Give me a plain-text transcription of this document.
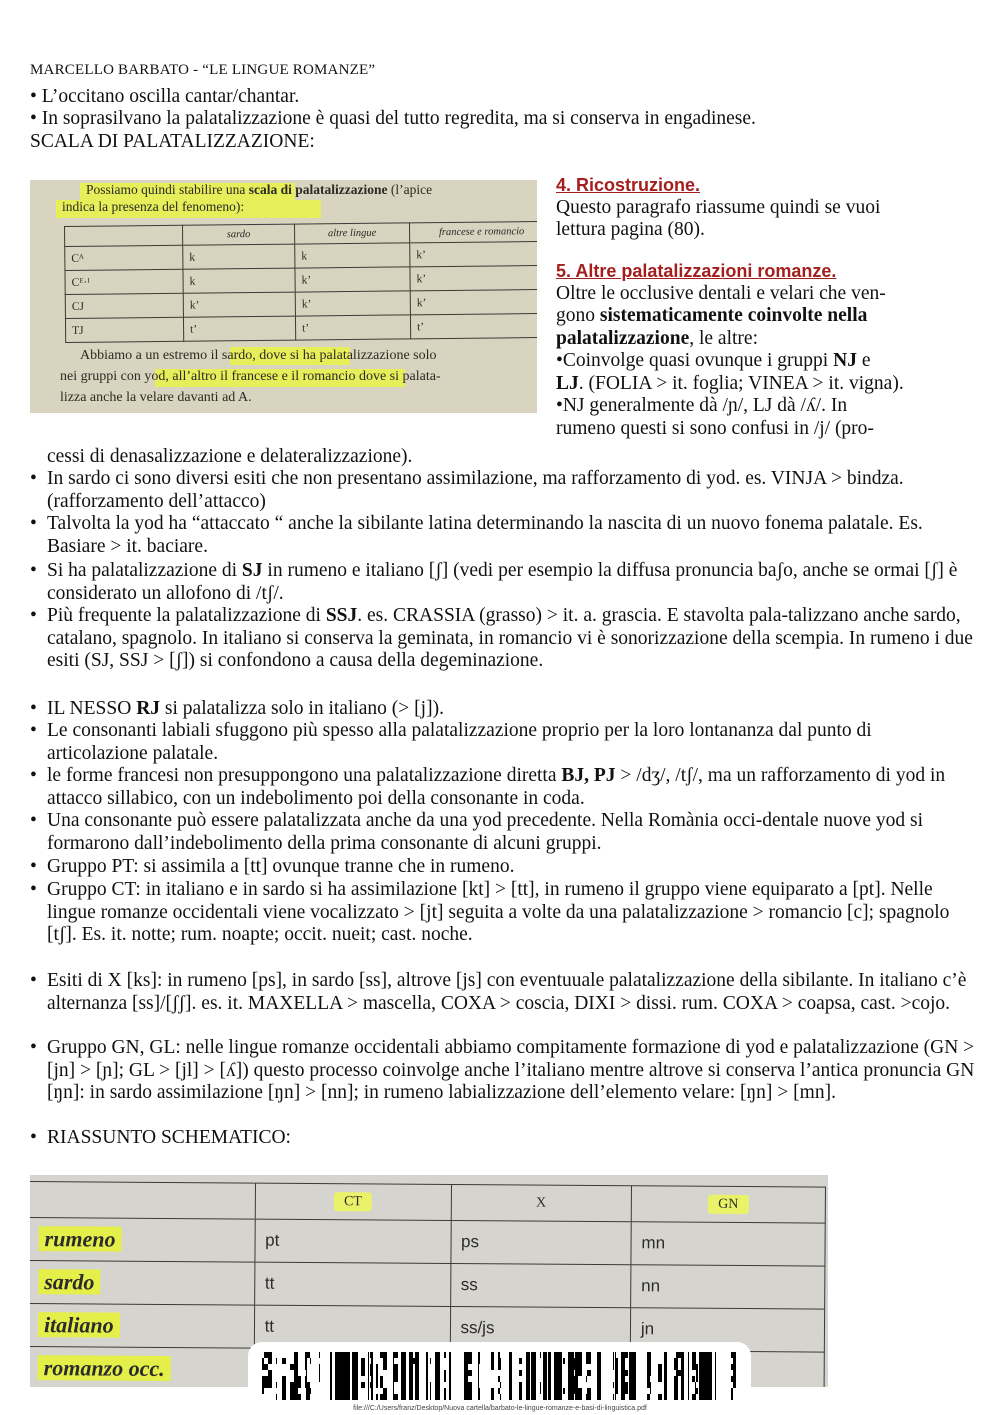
MARCELLO BARBATO - “LE LINGUE ROMANZE”
• L’occitano oscilla cantar/chantar.
• In soprasilvano la palatalizzazione è quasi del tutto regredita, ma si conserva in engadinese.
SCALA DI PALATALIZZAZIONE:
Possiamo quindi stabilire una scala di palatalizzazione (l’apice
indica la presenza del fenomeno):
	sardo	altre lingue	francese e romancio
Cᴬ	k	k	k’
Cᴱ·ᴵ	k	k’	k’
CJ	k’	k’	k’
TJ	t’	t’	t’
Abbiamo a un estremo il sardo, dove si ha palatalizzazione solo
nei gruppi con yod, all’altro il francese e il romancio dove si palata-
lizza anche la velare davanti ad A.
4. Ricostruzione.
Questo paragrafo riassume quindi se vuoi
lettura pagina (80).
5. Altre palatalizzazioni romanze.
Oltre le occlusive dentali e velari che ven-
gono sistematicamente coinvolte nella
palatalizzazione, le altre:
•Coinvolge quasi ovunque i gruppi NJ e
LJ. (FOLIA > it. foglia; VINEA > it. vigna).
•NJ generalmente dà /ɲ/, LJ dà /ʎ/. In
rumeno questi si sono confusi in /j/ (pro-
cessi di denasalizzazione e delateralizzazione).
• In sardo ci sono diversi esiti che non presentano assimilazione, ma rafforzamento di yod. es. VINJA > bindza. (rafforzamento dell’attacco)
• Talvolta la yod ha “attaccato “ anche la sibilante latina determinando la nascita di un nuovo fonema palatale. Es. Basiare > it. baciare.
• Si ha palatalizzazione di SJ in rumeno e italiano [ʃ] (vedi per esempio la diffusa pronuncia baʃo, anche se ormai [ʃ] è considerato un allofono di /tʃ/.
• Più frequente la palatalizzazione di SSJ. es. CRASSIA (grasso) > it. a. grascia. E stavolta pala-talizzano anche sardo, catalano, spagnolo. In italiano si conserva la geminata, in romancio vi è sonorizzazione della scempia. In rumeno i due esiti (SJ, SSJ > [ʃ]) si confondono a causa della degeminazione.
• IL NESSO RJ si palatalizza solo in italiano (> [j]).
• Le consonanti labiali sfuggono più spesso alla palatalizzazione proprio per la loro lontananza dal punto di articolazione palatale.
• le forme francesi non presuppongono una palatalizzazione diretta BJ, PJ > /dʒ/, /tʃ/, ma un rafforzamento di yod in attacco sillabico, con un indebolimento poi della consonante in coda.
• Una consonante può essere palatalizzata anche da una yod precedente. Nella Romània occi-dentale nuove yod si formarono dall’indebolimento della prima consonante di alcuni gruppi.
• Gruppo PT: si assimila a [tt] ovunque tranne che in rumeno.
• Gruppo CT: in italiano e in sardo si ha assimilazione [kt] > [tt], in rumeno il gruppo viene equiparato a [pt]. Nelle lingue romanze occidentali viene vocalizzato > [jt] seguita a volte da una palatalizzazione > romancio [c]; spagnolo [tʃ]. Es. it. notte; rum. noapte; occit. nueit; cast. noche.
• Esiti di X [ks]: in rumeno [ps], in sardo [ss], altrove [js] con eventuuale palatalizzazione della sibilante. In italiano c’è alternanza [ss]/[ʃʃ]. es. it. MAXELLA > mascella, COXA > coscia, DIXI > dissi. rum. COXA > coapsa, cast. >cojo.
• Gruppo GN, GL: nelle lingue romanze occidentali abbiamo compitamente formazione di yod e palatalizzazione (GN > [jn] > [ɲ]; GL > [jl] > [ʎ]) questo processo coinvolge anche l’italiano mentre altrove si conserva l’antica pronuncia GN [ŋn]: in sardo assimilazione [ŋn] > [nn]; in rumeno labializzazione dell’elemento velare: [ŋn] > [mn].
• RIASSUNTO SCHEMATICO:
	CT	X	GN
rumeno	pt	ps	mn
sardo	tt	ss	nn
italiano	tt	ss/js	jn
romanzo occ.			
file:///C:/Users/franz/Desktop/Nuova cartella/barbato-le-lingue-romanze-e-basi-di-linguistica.pdf
